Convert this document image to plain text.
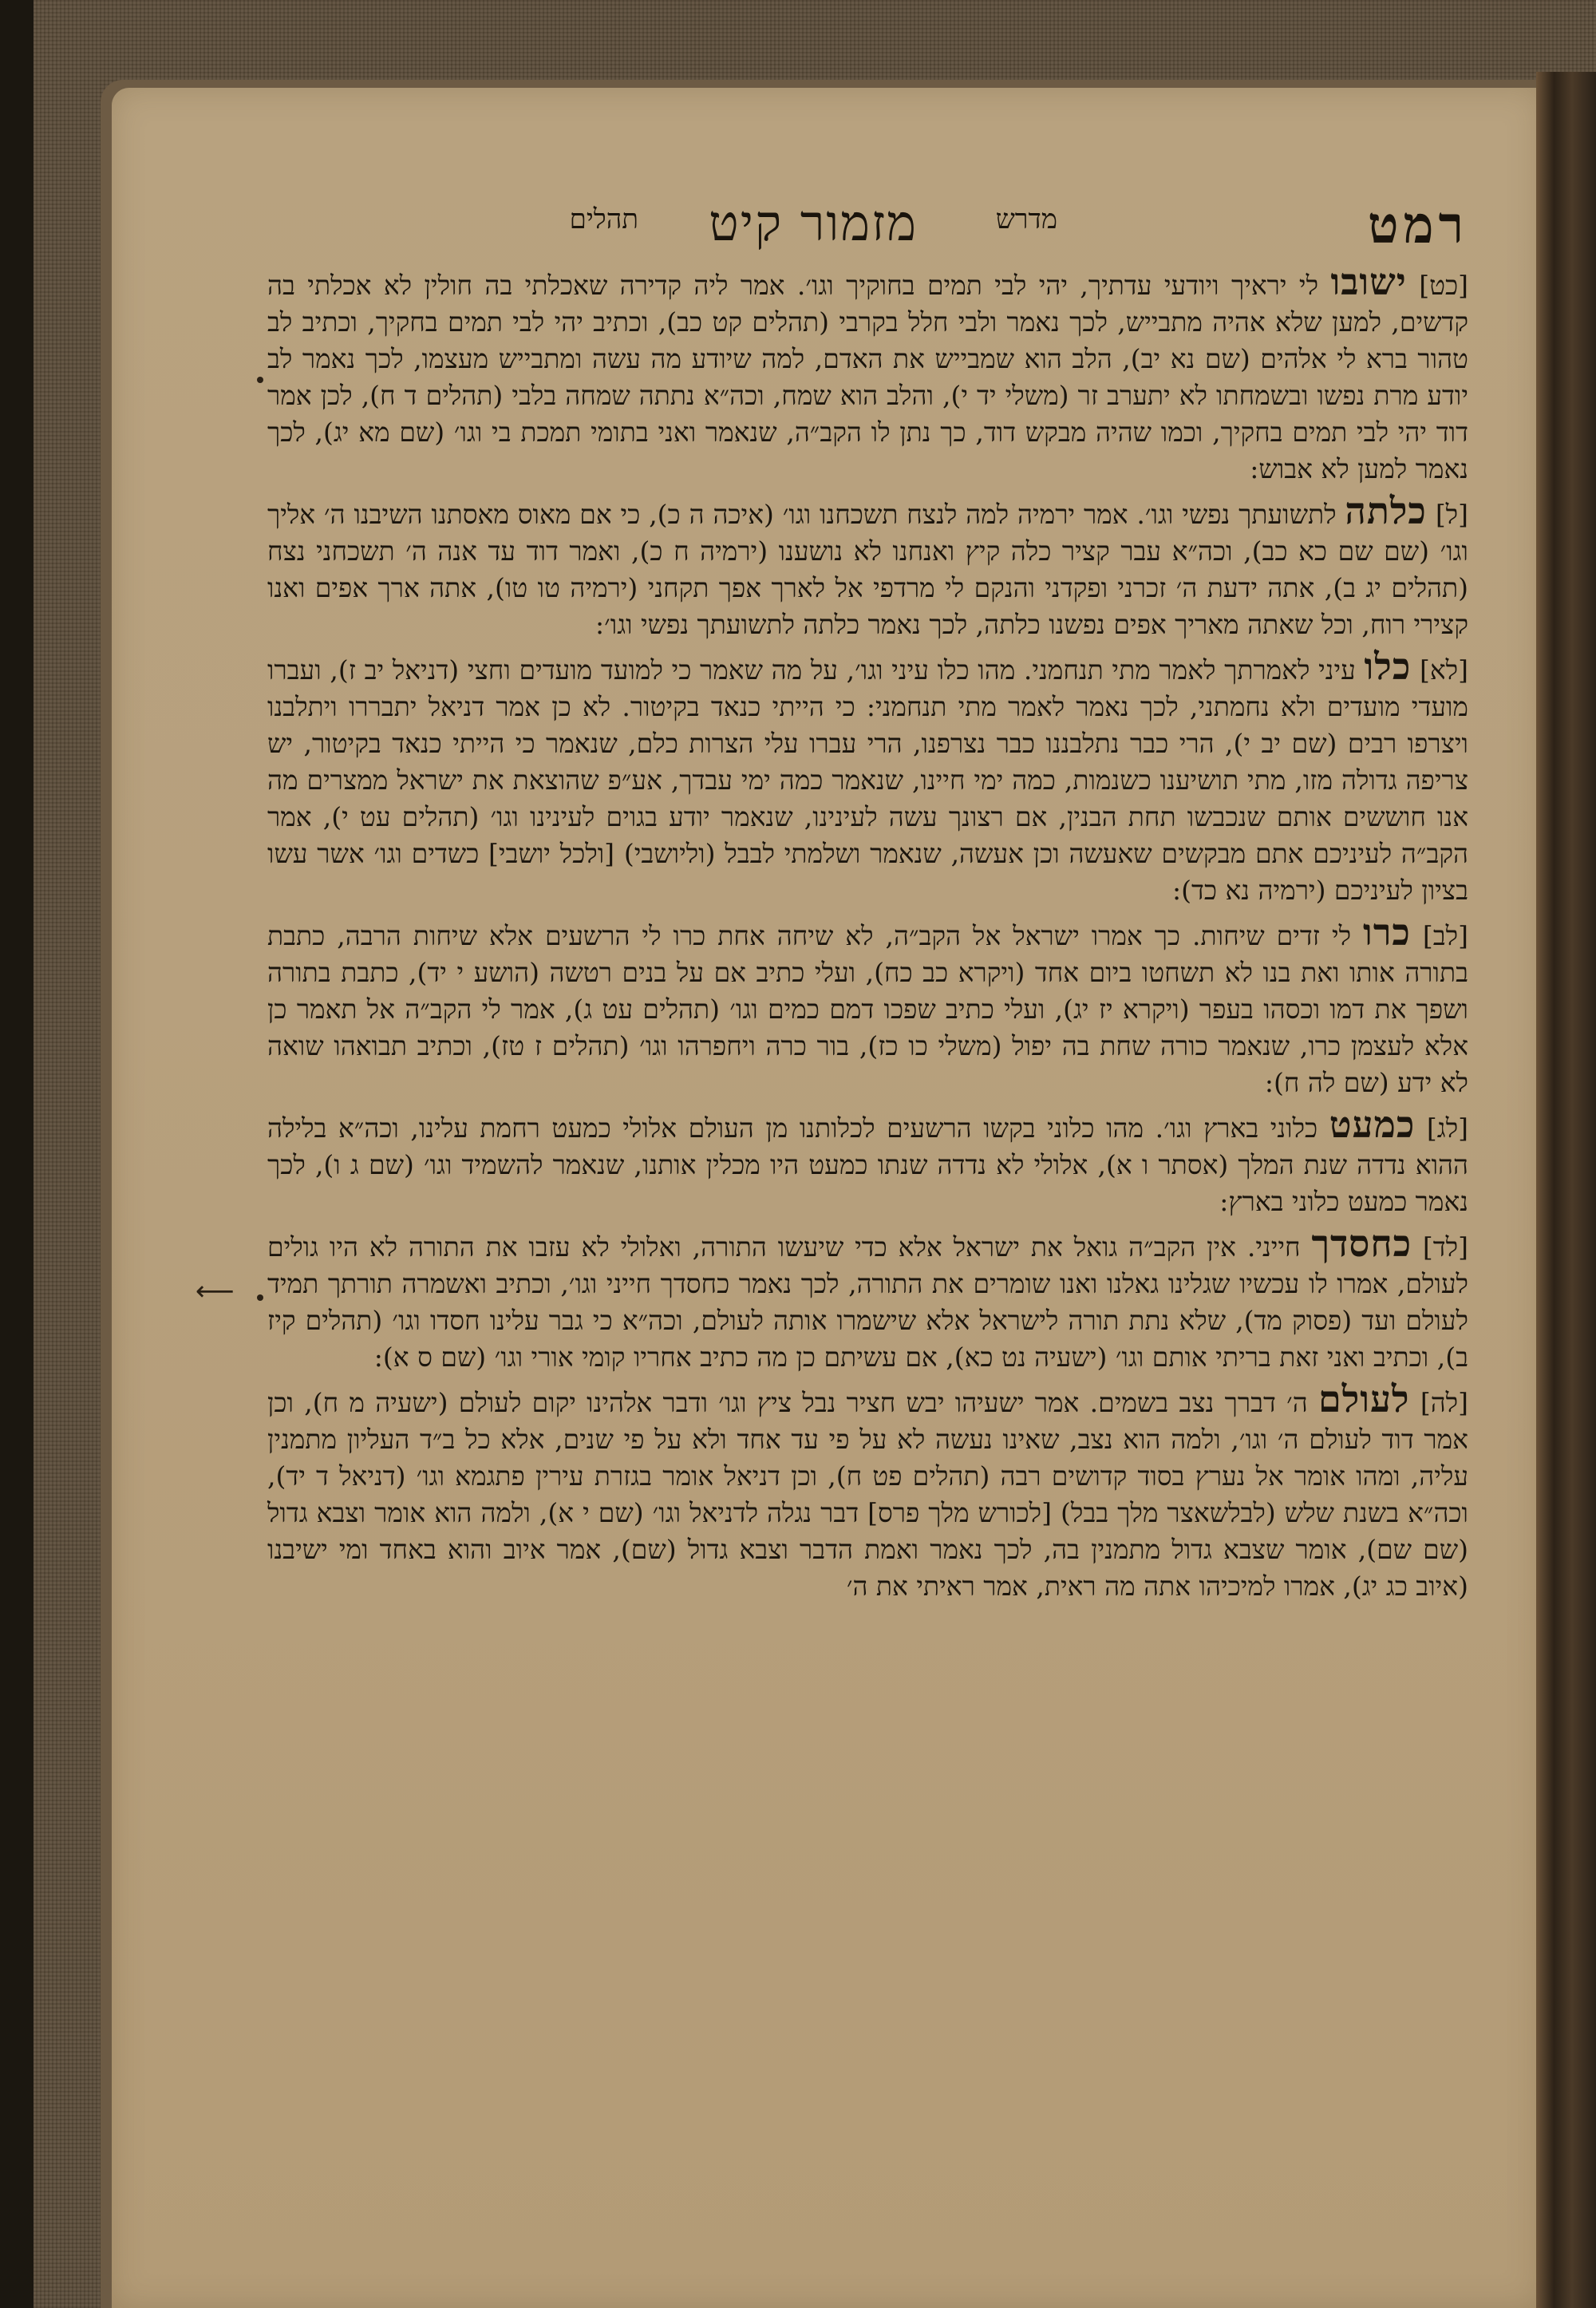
רמט
מדרש
מזמור קיט
תהלים

[כט] ישובו לי יראיך ויודעי עדתיך, יהי לבי תמים בחוקיך וגו׳. אמר ליה קדירה שאכלתי בה חולין לא אכלתי בה קדשים, למען שלא אהיה מתבייש, לכך נאמר ולבי חלל בקרבי (תהלים קט כב), וכתיב יהי לבי תמים בחקיך, וכתיב לב טהור ברא לי אלהים (שם נא יב), הלב הוא שמבייש את האדם, למה שיודע מה עשה ומתבייש מעצמו, לכך נאמר לב יודע מרת נפשו ובשמחתו לא יתערב זר (משלי יד י), והלב הוא שמח, וכה״א נתתה שמחה בלבי (תהלים ד ח), לכן אמר דוד יהי לבי תמים בחקיך, וכמו שהיה מבקש דוד, כך נתן לו הקב״ה, שנאמר ואני בתומי תמכת בי וגו׳ (שם מא יג), לכך נאמר למען לא אבוש:

[ל] כלתה לתשועתך נפשי וגו׳. אמר ירמיה למה לנצח תשכחנו וגו׳ (איכה ה כ), כי אם מאוס מאסתנו השיבנו ה׳ אליך וגו׳ (שם שם כא כב), וכה״א עבר קציר כלה קיץ ואנחנו לא נושענו (ירמיה ח כ), ואמר דוד עד אנה ה׳ תשכחני נצח (תהלים יג ב), אתה ידעת ה׳ זכרני ופקדני והנקם לי מרדפי אל לארך אפך תקחני (ירמיה טו טו), אתה ארך אפים ואנו קצירי רוח, וכל שאתה מאריך אפים נפשנו כלתה, לכך נאמר כלתה לתשועתך נפשי וגו׳:

[לא] כלו עיני לאמרתך לאמר מתי תנחמני. מהו כלו עיני וגו׳, על מה שאמר כי למועד מועדים וחצי (דניאל יב ז), ועברו מועדי מועדים ולא נחמתני, לכך נאמר לאמר מתי תנחמני: כי הייתי כנאד בקיטור. לא כן אמר דניאל יתבררו ויתלבנו ויצרפו רבים (שם יב י), הרי כבר נתלבננו כבר נצרפנו, הרי עברו עלי הצרות כלם, שנאמר כי הייתי כנאד בקיטור, יש צריפה גדולה מזו, מתי תושיענו כשנמות, כמה ימי חיינו, שנאמר כמה ימי עבדך, אע״פ שהוצאת את ישראל ממצרים מה אנו חוששים אותם שנכבשו תחת הבנין, אם רצונך עשה לעינינו, שנאמר יודע בגוים לעינינו וגו׳ (תהלים עט י), אמר הקב״ה לעיניכם אתם מבקשים שאעשה וכן אעשה, שנאמר ושלמתי לבבל (וליושבי) [ולכל יושבי] כשדים וגו׳ אשר עשו בציון לעיניכם (ירמיה נא כד):

[לב] כרו לי זדים שיחות. כך אמרו ישראל אל הקב״ה, לא שיחה אחת כרו לי הרשעים אלא שיחות הרבה, כתבת בתורה אותו ואת בנו לא תשחטו ביום אחד (ויקרא כב כח), ועלי כתיב אם על בנים רטשה (הושע י יד), כתבת בתורה ושפך את דמו וכסהו בעפר (ויקרא יז יג), ועלי כתיב שפכו דמם כמים וגו׳ (תהלים עט ג), אמר לי הקב״ה אל תאמר כן אלא לעצמן כרו, שנאמר כורה שחת בה יפול (משלי כו כז), בור כרה ויחפרהו וגו׳ (תהלים ז טז), וכתיב תבואהו שואה לא ידע (שם לה ח):

[לג] כמעט כלוני בארץ וגו׳. מהו כלוני בקשו הרשעים לכלותנו מן העולם אלולי כמעט רחמת עלינו, וכה״א בלילה ההוא נדדה שנת המלך (אסתר ו א), אלולי לא נדדה שנתו כמעט היו מכלין אותנו, שנאמר להשמיד וגו׳ (שם ג ו), לכך נאמר כמעט כלוני בארץ:

[לד] כחסדך חייני. אין הקב״ה גואל את ישראל אלא כדי שיעשו התורה, ואלולי לא עזבו את התורה לא היו גולים לעולם, אמרו לו עכשיו שגלינו גאלנו ואנו שומרים את התורה, לכך נאמר כחסדך חייני וגו׳, וכתיב ואשמרה תורתך תמיד לעולם ועד (פסוק מד), שלא נתת תורה לישראל אלא שישמרו אותה לעולם, וכה״א כי גבר עלינו חסדו וגו׳ (תהלים קיז ב), וכתיב ואני זאת בריתי אותם וגו׳ (ישעיה נט כא), אם עשיתם כן מה כתיב אחריו קומי אורי וגו׳ (שם ס א):

[לה] לעולם ה׳ דברך נצב בשמים. אמר ישעיהו יבש חציר נבל ציץ וגו׳ ודבר אלהינו יקום לעולם (ישעיה מ ח), וכן אמר דוד לעולם ה׳ וגו׳, ולמה הוא נצב, שאינו נעשה לא על פי עד אחד ולא על פי שנים, אלא כל ב״ד העליון מתמנין עליה, ומהו אומר אל נערץ בסוד קדושים רבה (תהלים פט ח), וכן דניאל אומר בגזרת עירין פתגמא וגו׳ (דניאל ד יד), וכה״א בשנת שלש (לבלשאצר מלך בבל) [לכורש מלך פרס] דבר נגלה לדניאל וגו׳ (שם י א), ולמה הוא אומר וצבא גדול (שם שם), אומר שצבא גדול מתמנין בה, לכך נאמר ואמת הדבר וצבא גדול (שם), אמר איוב והוא באחד ומי ישיבנו (איוב כג יג), אמרו למיכיהו אתה מה ראית, אמר ראיתי את ה׳

⟵
